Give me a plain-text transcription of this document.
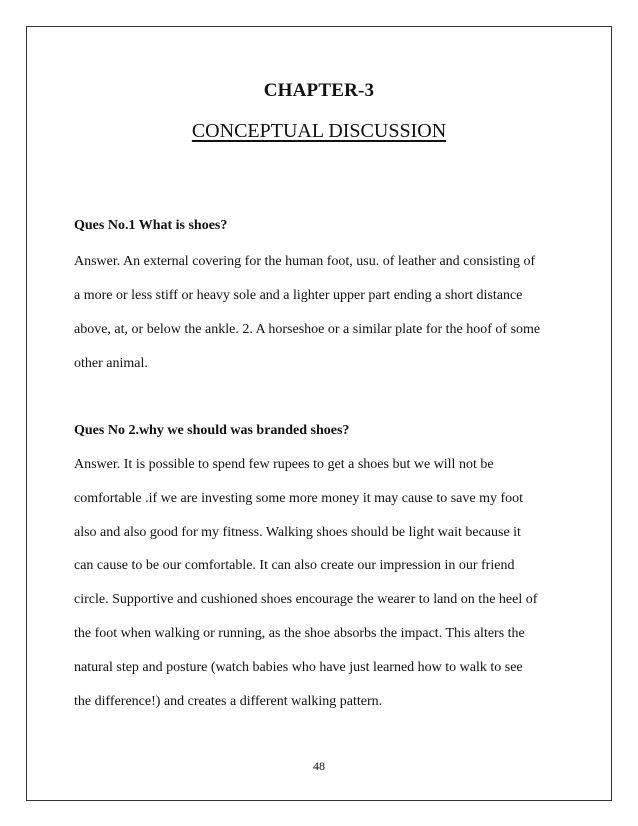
CHAPTER-3
CONCEPTUAL DISCUSSION
Ques No.1 What is shoes?
Answer. An external covering for the human foot, usu. of leather and consisting of
a more or less stiff or heavy sole and a lighter upper part ending a short distance
above, at, or below the ankle. 2. A horseshoe or a similar plate for the hoof of some
other animal.
Ques No 2.why we should was branded shoes?
Answer. It is possible to spend few rupees to get a shoes but we will not be
comfortable .if we are investing some more money it may cause to save my foot
also and also good for my fitness. Walking shoes should be light wait because it
can cause to be our comfortable. It can also create our impression in our friend
circle. Supportive and cushioned shoes encourage the wearer to land on the heel of
the foot when walking or running, as the shoe absorbs the impact. This alters the
natural step and posture (watch babies who have just learned how to walk to see
the difference!) and creates a different walking pattern.
48
